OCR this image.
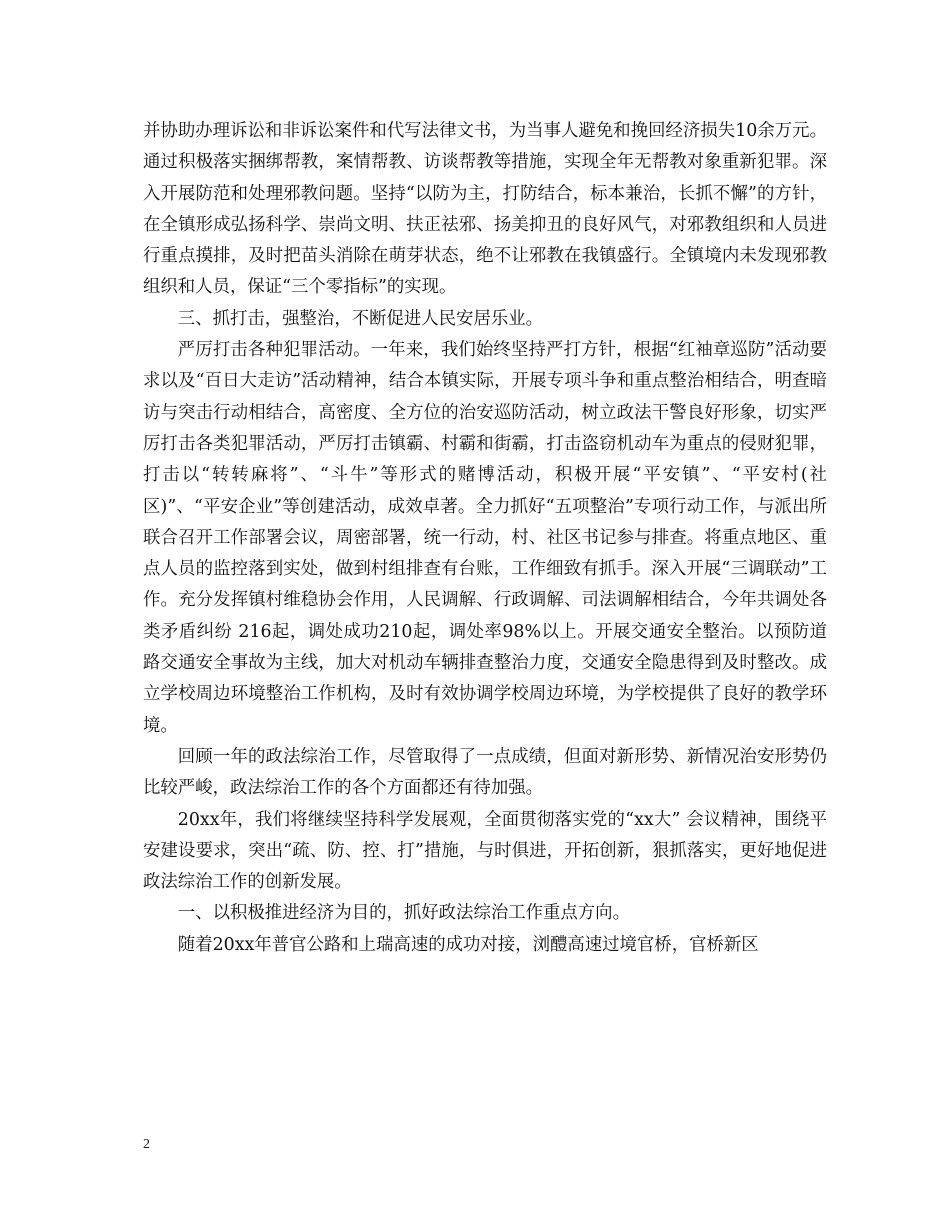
并协助办理诉讼和非诉讼案件和代写法律文书，为当事人避免和挽回经济损失10余万元。通过积极落实捆绑帮教，案情帮教、访谈帮教等措施，实现全年无帮教对象重新犯罪。深入开展防范和处理邪教问题。坚持“以防为主，打防结合，标本兼治，长抓不懈”的方针，在全镇形成弘扬科学、崇尚文明、扶正祛邪、扬美抑丑的良好风气，对邪教组织和人员进行重点摸排，及时把苗头消除在萌芽状态，绝不让邪教在我镇盛行。全镇境内未发现邪教组织和人员，保证“三个零指标”的实现。

三、抓打击，强整治，不断促进人民安居乐业。

严厉打击各种犯罪活动。一年来，我们始终坚持严打方针，根据“红袖章巡防”活动要求以及“百日大走访”活动精神，结合本镇实际，开展专项斗争和重点整治相结合，明查暗访与突击行动相结合，高密度、全方位的治安巡防活动，树立政法干警良好形象，切实严厉打击各类犯罪活动，严厉打击镇霸、村霸和街霸，打击盗窃机动车为重点的侵财犯罪，打击以“转转麻将”、“斗牛”等形式的赌博活动，积极开展“平安镇”、“平安村(社区)”、“平安企业”等创建活动，成效卓著。全力抓好“五项整治”专项行动工作，与派出所联合召开工作部署会议，周密部署，统一行动，村、社区书记参与排查。将重点地区、重点人员的监控落到实处，做到村组排查有台账，工作细致有抓手。深入开展“三调联动”工作。充分发挥镇村维稳协会作用，人民调解、行政调解、司法调解相结合，今年共调处各类矛盾纠纷 216起，调处成功210起，调处率98%以上。开展交通安全整治。以预防道路交通安全事故为主线，加大对机动车辆排查整治力度，交通安全隐患得到及时整改。成立学校周边环境整治工作机构，及时有效协调学校周边环境，为学校提供了良好的教学环境。

回顾一年的政法综治工作，尽管取得了一点成绩，但面对新形势、新情况治安形势仍比较严峻，政法综治工作的各个方面都还有待加强。

20xx年，我们将继续坚持科学发展观，全面贯彻落实党的“xx大” 会议精神，围绕平安建设要求，突出“疏、防、控、打”措施，与时俱进，开拓创新，狠抓落实，更好地促进政法综治工作的创新发展。

一、以积极推进经济为目的，抓好政法综治工作重点方向。

随着20xx年普官公路和上瑞高速的成功对接，浏醴高速过境官桥，官桥新区

2
